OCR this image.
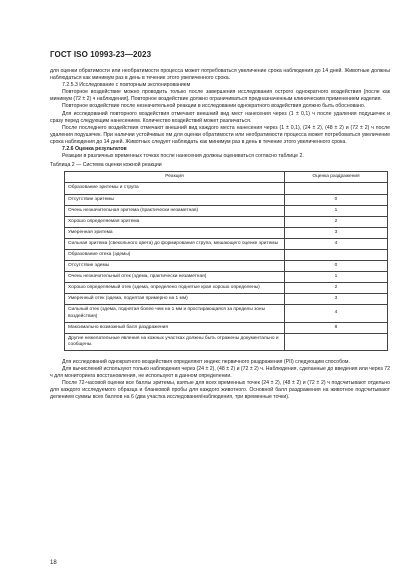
ГОСТ ISO 10993-23—2023

для оценки обратимости или необратимости процесса может потребоваться увеличение срока наблюдения до 14 дней. Животные должны наблюдаться как минимум раз в день в течение этого увеличенного срока.

7.2.5.3 Исследование с повторным экспонированием

Повторное воздействие можно проводить только после завершения исследования острого однократного воздействия [после как минимум (72 ± 2) ч наблюдения]. Повторное воздействие должно ограничиваться предназначенным клиническим применением изделия.

Повторное воздействие после незначительной реакции в исследовании однократного воздействия должно быть обосновано.

Для исследований повторного воздействия отмечают внешний вид мест нанесения через (1 ± 0,1) ч после удаления подушечек и сразу перед следующим нанесением. Количество воздействий может различаться.

После последнего воздействия отмечают внешний вид каждого места нанесения через (1 ± 0,1), (24 ± 2), (48 ± 2) и (72 ± 2) ч после удаления подушечек. При наличии устойчивых ям для оценки обратимости или необратимости процесса может потребоваться увеличение срока наблюдения до 14 дней. Животных следует наблюдать как минимум раз в день в течение этого увеличенного срока.

7.2.6 Оценка результатов

Реакции в различных временных точках после нанесения должны оцениваться согласно таблице 2.

Таблица 2 — Система оценки кожной реакции

Реакция	Оценка раздражения
Образование эритемы и струпа	
Отсутствие эритемы	0
Очень незначительная эритема (практически незаметная)	1
Хорошо определяемая эритема	2
Умеренная эритема	3
Сильная эритема (свекольного цвета) до формирования струпа, мешающего оценке эритемы	4
Образование отека (эдемы)	
Отсутствие эдемы	0
Очень незначительный отек (эдема, практически незаметная)	1
Хорошо определяемый отек (эдема, определено поднятые края хорошо определены)	2
Умеренный отек (эдема, поднятая примерно на 1 мм)	3
Сильный отек (эдема, поднятая более чем на 1 мм и простирающаяся за пределы зоны воздействия)	4
Максимально возможный балл раздражения	8
Другие нежелательные явления на кожных участках должны быть отражены документально и сообщены.	

Для исследований однократного воздействия определяют индекс первичного раздражения (PII) следующим способом.

Для вычислений используют только наблюдения через (24 ± 2), (48 ± 2) и (72 ± 2) ч. Наблюдения, сделанные до введения или через 72 ч для мониторинга восстановления, не используют в данном определении.

После 72-часовой оценки все баллы эритемы, взятые для всех временных точек (24 ± 2), (48 ± 2) и (72 ± 2) ч подсчитывают отдельно для каждого исследуемого образца и бланковой пробы для каждого животного. Основной балл раздражения на животное подсчитывают делением суммы всех баллов на 6 (два участка исследования/наблюдения, три временные точки).

18
